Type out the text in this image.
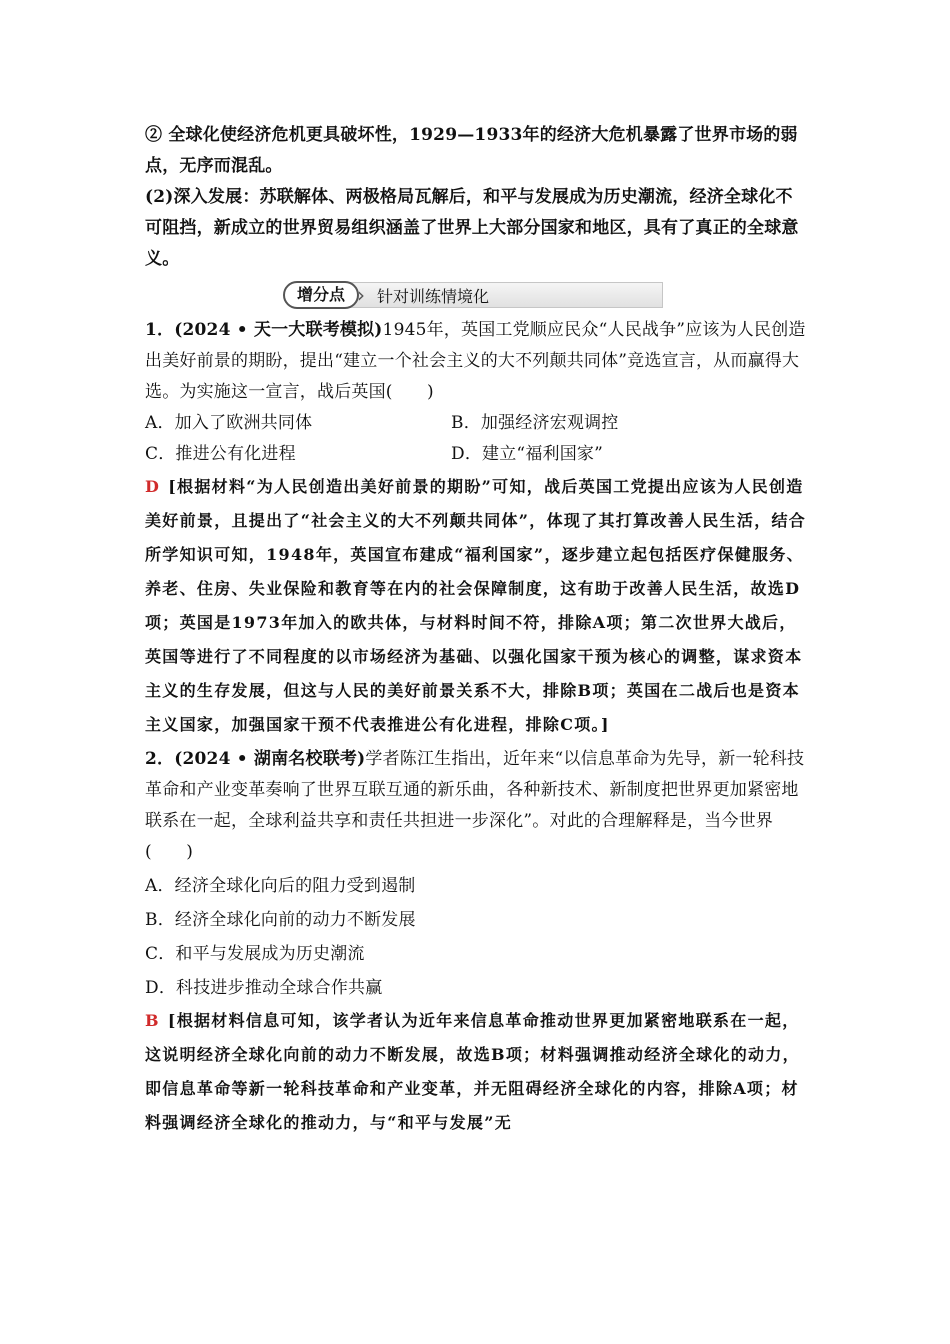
② 全球化使经济危机更具破坏性，1929—1933年的经济大危机暴露了世界市场的弱点，无序而混乱。

(2)深入发展：苏联解体、两极格局瓦解后，和平与发展成为历史潮流，经济全球化不可阻挡，新成立的世界贸易组织涵盖了世界上大部分国家和地区，具有了真正的全球意义。

增分点 › 针对训练情境化

1．(2024 • 天一大联考模拟)1945年，英国工党顺应民众“人民战争”应该为人民创造出美好前景的期盼，提出“建立一个社会主义的大不列颠共同体”竞选宣言，从而赢得大选。为实施这一宣言，战后英国(　　)

A．加入了欧洲共同体	B．加强经济宏观调控
C．推进公有化进程	D．建立“福利国家”

D [根据材料“为人民创造出美好前景的期盼”可知，战后英国工党提出应该为人民创造美好前景，且提出了“社会主义的大不列颠共同体”，体现了其打算改善人民生活，结合所学知识可知，1948年，英国宣布建成“福利国家”，逐步建立起包括医疗保健服务、养老、住房、失业保险和教育等在内的社会保障制度，这有助于改善人民生活，故选D项；英国是1973年加入的欧共体，与材料时间不符，排除A项；第二次世界大战后，英国等进行了不同程度的以市场经济为基础、以强化国家干预为核心的调整，谋求资本主义的生存发展，但这与人民的美好前景关系不大，排除B项；英国在二战后也是资本主义国家，加强国家干预不代表推进公有化进程，排除C项。]

2．(2024 • 湖南名校联考)学者陈江生指出，近年来“以信息革命为先导，新一轮科技革命和产业变革奏响了世界互联互通的新乐曲，各种新技术、新制度把世界更加紧密地联系在一起，全球利益共享和责任共担进一步深化”。对此的合理解释是，当今世界(　　)

A．经济全球化向后的阻力受到遏制
B．经济全球化向前的动力不断发展
C．和平与发展成为历史潮流
D．科技进步推动全球合作共赢

B [根据材料信息可知，该学者认为近年来信息革命推动世界更加紧密地联系在一起，这说明经济全球化向前的动力不断发展，故选B项；材料强调推动经济全球化的动力，即信息革命等新一轮科技革命和产业变革，并无阻碍经济全球化的内容，排除A项；材料强调经济全球化的推动力，与“和平与发展”无
